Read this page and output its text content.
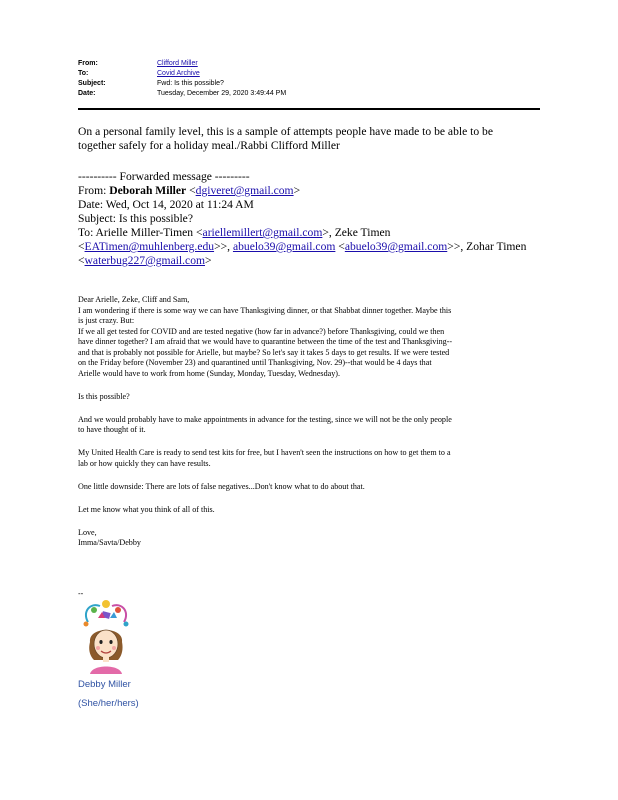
From:	Clifford Miller
To:	Covid Archive
Subject:	Fwd: Is this possible?
Date:	Tuesday, December 29, 2020 3:49:44 PM
On a personal family level, this is a sample of attempts people have made to be able to be
together safely for a holiday meal./Rabbi Clifford Miller
---------- Forwarded message ---------
From: Deborah Miller <dgiveret@gmail.com>
Date: Wed, Oct 14, 2020 at 11:24 AM
Subject: Is this possible?
To: Arielle Miller-Timen <ariellemillert@gmail.com>, Zeke Timen
<EATimen@muhlenberg.edu>>, abuelo39@gmail.com <abuelo39@gmail.com>>, Zohar Timen
<waterbug227@gmail.com>

Dear Arielle, Zeke, Cliff and Sam,

I am wondering if there is some way we can have Thanksgiving dinner, or that Shabbat dinner together. Maybe this

is just crazy. But:

If we all get tested for COVID and are tested negative (how far in advance?) before Thanksgiving, could we then

have dinner together? I am afraid that we would have to quarantine between the time of the test and Thanksgiving--

and that is probably not possible for Arielle, but maybe? So let's say it takes 5 days to get results. If we were tested

on the Friday before (November 23) and quarantined until Thanksgiving, Nov. 29)--that would be 4 days that

Arielle would have to work from home (Sunday, Monday, Tuesday, Wednesday).

Is this possible?

And we would probably have to make appointments in advance for the testing, since we will not be the only people

to have thought of it.

My United Health Care is ready to send test kits for free, but I haven't seen the instructions on how to get them to a

lab or how quickly they can have results.

One little downside: There are lots of false negatives...Don't know what to do about that.

Let me know what you think of all of this.

Love,

Imma/Savta/Debby

--
Debby Miller
(She/her/hers)
